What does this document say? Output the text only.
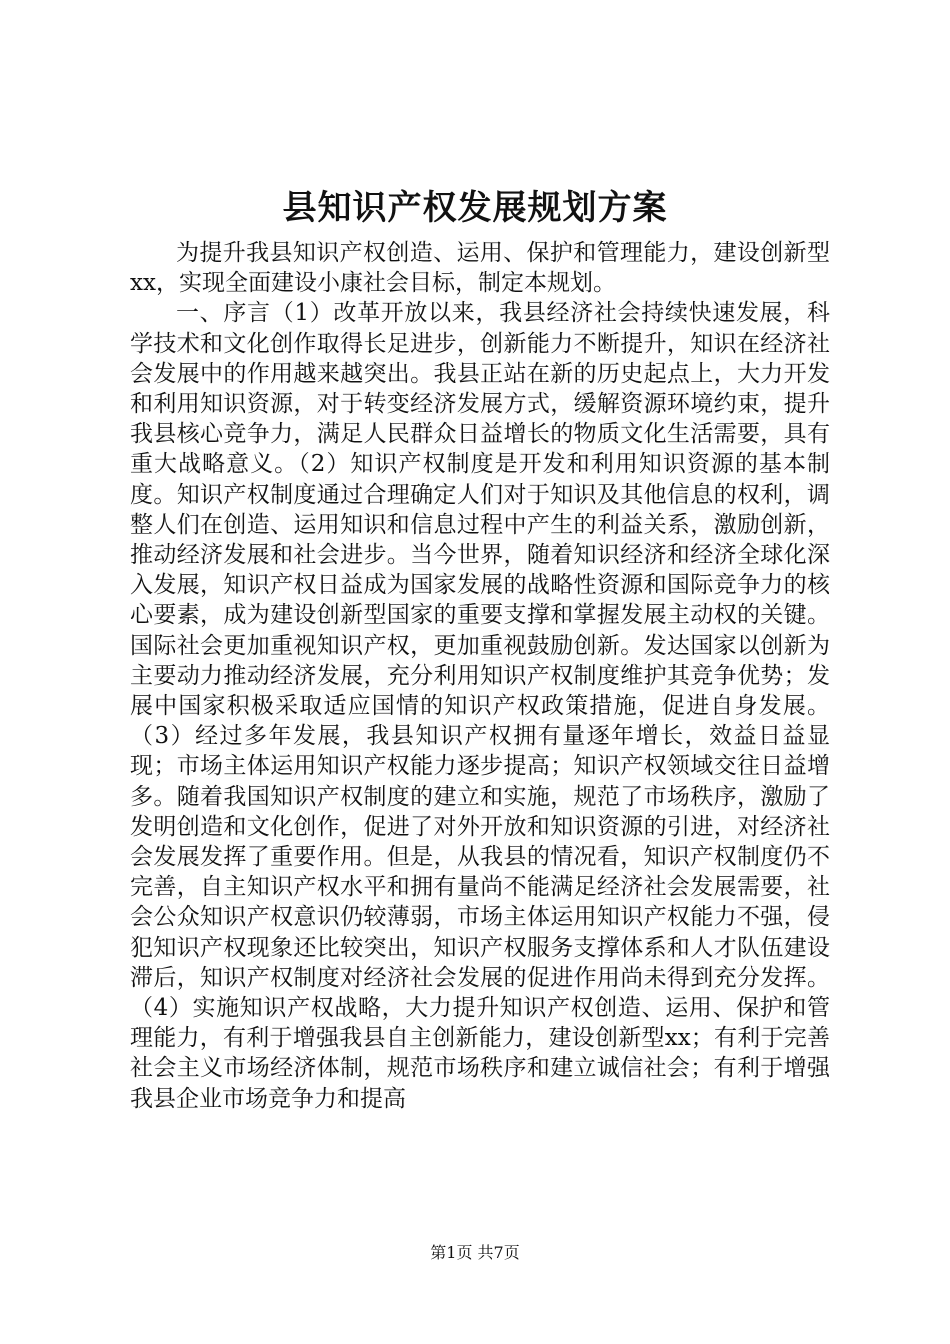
县知识产权发展规划方案

为提升我县知识产权创造、运用、保护和管理能力，建设创新型xx，实现全面建设小康社会目标，制定本规划。

一、序言（1）改革开放以来，我县经济社会持续快速发展，科学技术和文化创作取得长足进步，创新能力不断提升，知识在经济社会发展中的作用越来越突出。我县正站在新的历史起点上，大力开发和利用知识资源，对于转变经济发展方式，缓解资源环境约束，提升我县核心竞争力，满足人民群众日益增长的物质文化生活需要，具有重大战略意义。（2）知识产权制度是开发和利用知识资源的基本制度。知识产权制度通过合理确定人们对于知识及其他信息的权利，调整人们在创造、运用知识和信息过程中产生的利益关系，激励创新，推动经济发展和社会进步。当今世界，随着知识经济和经济全球化深入发展，知识产权日益成为国家发展的战略性资源和国际竞争力的核心要素，成为建设创新型国家的重要支撑和掌握发展主动权的关键。国际社会更加重视知识产权，更加重视鼓励创新。发达国家以创新为主要动力推动经济发展，充分利用知识产权制度维护其竞争优势；发展中国家积极采取适应国情的知识产权政策措施，促进自身发展。（3）经过多年发展，我县知识产权拥有量逐年增长，效益日益显现；市场主体运用知识产权能力逐步提高；知识产权领域交往日益增多。随着我国知识产权制度的建立和实施，规范了市场秩序，激励了发明创造和文化创作，促进了对外开放和知识资源的引进，对经济社会发展发挥了重要作用。但是，从我县的情况看，知识产权制度仍不完善，自主知识产权水平和拥有量尚不能满足经济社会发展需要，社会公众知识产权意识仍较薄弱，市场主体运用知识产权能力不强，侵犯知识产权现象还比较突出，知识产权服务支撑体系和人才队伍建设滞后，知识产权制度对经济社会发展的促进作用尚未得到充分发挥。（4）实施知识产权战略，大力提升知识产权创造、运用、保护和管理能力，有利于增强我县自主创新能力，建设创新型xx；有利于完善社会主义市场经济体制，规范市场秩序和建立诚信社会；有利于增强我县企业市场竞争力和提高

第1页 共7页
